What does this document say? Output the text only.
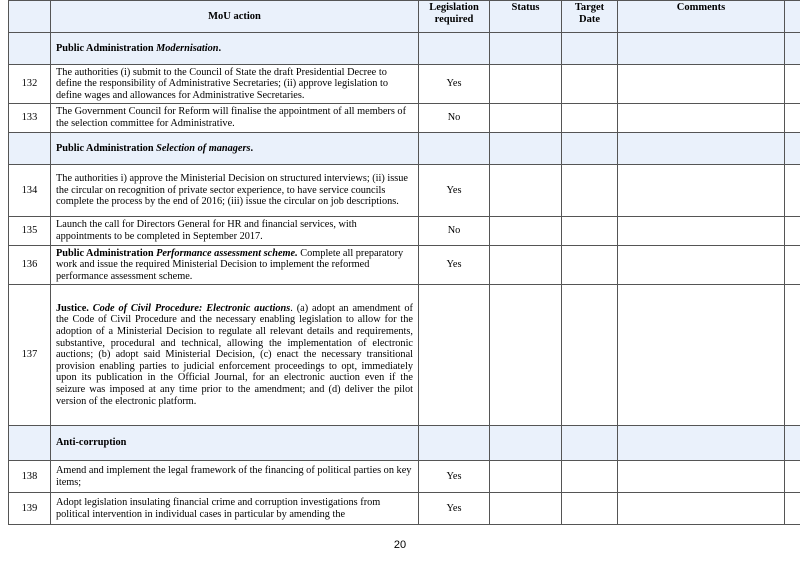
	MoU action	Legislation required	Status	Target Date	Comments	
	Public Administration Modernisation.					
132	The authorities (i) submit to the Council of State the draft Presidential Decree to define the responsibility of Administrative Secretaries; (ii) approve legislation to define wages and allowances for Administrative Secretaries.	Yes				
133	The Government Council for Reform will finalise the appointment of all members of the selection committee for Administrative.	No				
	Public Administration Selection of managers.					
134	The authorities i) approve the Ministerial Decision on structured interviews; (ii) issue the circular on recognition of private sector experience, to have service councils complete the process by the end of 2016; (iii) issue the circular on job descriptions.	Yes				
135	Launch the call for Directors General for HR and financial services, with appointments to be completed in September 2017.	No				
136	Public Administration Performance assessment scheme. Complete all preparatory work and issue the required Ministerial Decision to implement the reformed performance assessment scheme.	Yes				
137	Justice. Code of Civil Procedure: Electronic auctions. (a) adopt an amendment of the Code of Civil Procedure and the necessary enabling legislation to allow for the adoption of a Ministerial Decision to regulate all relevant details and requirements, substantive, procedural and technical, allowing the implementation of electronic auctions; (b) adopt said Ministerial Decision, (c) enact the necessary transitional provision enabling parties to judicial enforcement proceedings to opt, immediately upon its publication in the Official Journal, for an electronic auction even if the seizure was imposed at any time prior to the amendment; and (d) deliver the pilot version of the electronic platform.					
	Anti-corruption					
138	Amend and implement the legal framework of the financing of political parties on key items;	Yes				
139	Adopt legislation insulating financial crime and corruption investigations from political intervention in individual cases in particular by amending the	Yes				
20
